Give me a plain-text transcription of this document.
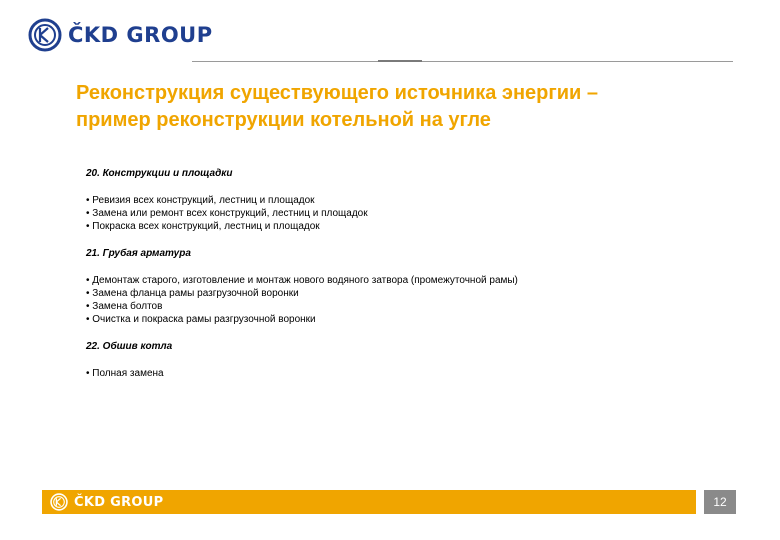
ČKD GROUP
Реконструкция существующего источника энергии –
пример реконструкции котельной на угле

20. Конструкции и площадки

• Ревизия всех конструкций, лестниц и площадок
• Замена или ремонт всех конструкций, лестниц и площадок
• Покраска всех конструкций, лестниц и площадок

21. Грубая арматура

• Демонтаж старого, изготовление и монтаж нового водяного затвора (промежуточной рамы)
• Замена фланца рамы разгрузочной воронки
• Замена болтов
• Очистка и покраска рамы разгрузочной воронки

22. Обшив котла

• Полная замена
ČKD GROUP	12
